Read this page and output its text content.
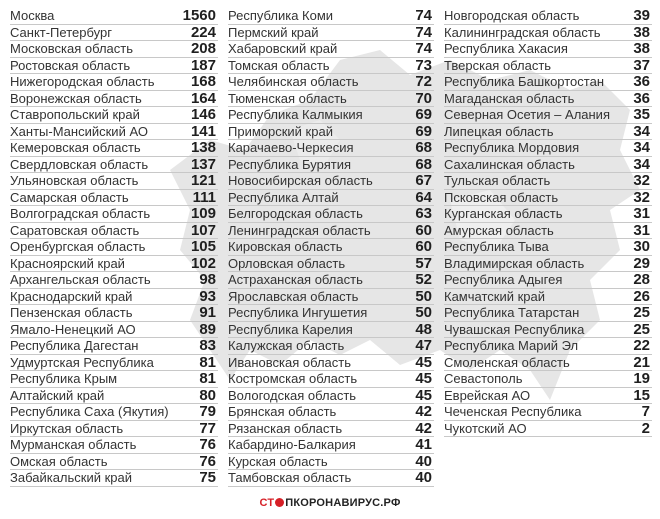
Москва	1560
Санкт-Петербург	224
Московская область	208
Ростовская область	187
Нижегородская область 168
Воронежская область	164
Ставропольский край	146
Ханты-Мансийский АО	141
Кемеровская область	138
Свердловская область	137
Ульяновская область	121
Самарская область	111
Волгоградская область	109
Саратовская область	107
Оренбургская область	105
Красноярский край	102
Архангельская область	98
Краснодарский край	93
Пензенская область	91
Ямало-Ненецкий АО	89
Республика Дагестан	83
Удмуртская Республика	81
Республика Крым	81
Алтайский край	80
Республика Саха (Якутия) 79
Иркутская область	77
Мурманская область	76
Омская область	76
Забайкальский край	75
Республика Коми	74
Пермский край	74
Хабаровский край	74
Томская область	73
Челябинская область	72
Тюменская область	70
Республика Калмыкия	69
Приморский край	69
Карачаево-Черкесия	68
Республика Бурятия	68
Новосибирская область	67
Республика Алтай	64
Белгородская область	63
Ленинградская область	60
Кировская область	60
Орловская область	57
Астраханская область	52
Ярославская область	50
Республика Ингушетия	50
Республика Карелия	48
Калужская область	47
Ивановская область	45
Костромская область	45
Вологодская область	45
Брянская область	42
Рязанская область	42
Кабардино-Балкария	41
Курская область	40
Тамбовская область	40
Новгородская область	39
Калининградская область 38
Республика Хакасия	38
Тверская область	37
Республика Башкортостан 36
Магаданская область	36
Северная Осетия – Алания 35
Липецкая область	34
Республика Мордовия	34
Сахалинская область	34
Тульская область	32
Псковская область	32
Курганская область	31
Амурская область	31
Республика Тыва	30
Владимирская область	29
Республика Адыгея	28
Камчатский край	26
Республика Татарстан	25
Чувашская Республика	25
Республика Марий Эл	22
Смоленская область	21
Севастополь	19
Еврейская АО	15
Чеченская Республика	7
Чукотский АО	2
СТ ПКОРОНАВИРУС.РФ
